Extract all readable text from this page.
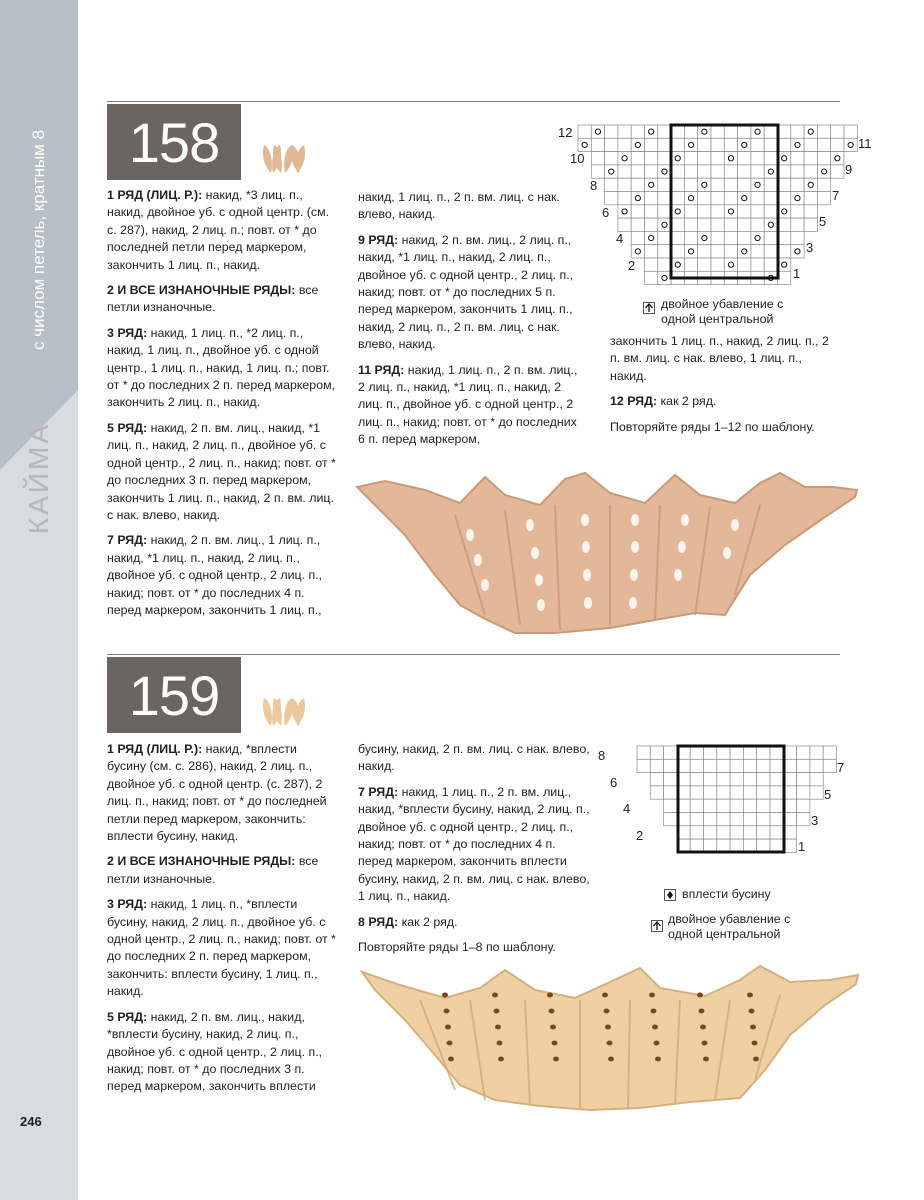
с числом петель, кратным 8
КАЙМА
158

1 РЯД (ЛИЦ. Р.): накид, *3 лиц. п., накид, двойное уб. с одной центр. (см. с. 287), накид, 2 лиц. п.; повт. от * до последней петли перед маркером, закончить 1 лиц. п., накид.

2 И ВСЕ ИЗНАНОЧНЫЕ РЯДЫ: все петли изнаночные.

3 РЯД: накид, 1 лиц. п., *2 лиц. п., накид, 1 лиц. п., двойное уб. с одной центр., 1 лиц. п., накид, 1 лиц. п.; повт. от * до последних 2 п. перед маркером, закончить 2 лиц. п., накид.

5 РЯД: накид, 2 п. вм. лиц., накид, *1 лиц. п., накид, 2 лиц. п., двойное уб. с одной центр., 2 лиц. п., накид; повт. от * до последних 3 п. перед маркером, закончить 1 лиц. п., накид, 2 п. вм. лиц. с нак. влево, накид.

7 РЯД: накид, 2 п. вм. лиц., 1 лиц. п., накид, *1 лиц. п., накид, 2 лиц. п., двойное уб. с одной центр., 2 лиц. п., накид; повт. от * до последних 4 п. перед маркером, закончить 1 лиц. п.,

накид, 1 лиц. п., 2 п. вм. лиц. с нак. влево, накид.

9 РЯД: накид, 2 п. вм. лиц., 2 лиц. п., накид, *1 лиц. п., накид, 2 лиц. п., двойное уб. с одной центр., 2 лиц. п., накид; повт. от * до последних 5 п. перед маркером, закончить 1 лиц. п., накид, 2 лиц. п., 2 п. вм. лиц. с нак. влево, накид.

11 РЯД: накид, 1 лиц. п., 2 п. вм. лиц., 2 лиц. п., накид, *1 лиц. п., накид, 2 лиц. п., двойное уб. с одной центр., 2 лиц. п., накид; повт. от * до последних 6 п. перед маркером,

12
10
8
6
4
2
11
9
7
5
3
1
двойное убавление с одной центральной

закончить 1 лиц. п., накид, 2 лиц. п., 2 п. вм. лиц. с нак. влево, 1 лиц. п., накид.

12 РЯД: как 2 ряд.

Повторяйте ряды 1–12 по шаблону.

159

1 РЯД (ЛИЦ. Р.): накид, *вплести бусину (см. с. 286), накид, 2 лиц. п., двойное уб. с одной центр. (с. 287), 2 лиц. п., накид; повт. от * до последней петли перед маркером, закончить: вплести бусину, накид.

2 И ВСЕ ИЗНАНОЧНЫЕ РЯДЫ: все петли изнаночные.

3 РЯД: накид, 1 лиц. п., *вплести бусину, накид, 2 лиц. п., двойное уб. с одной центр., 2 лиц. п., накид; повт. от * до последних 2 п. перед маркером, закончить: вплести бусину, 1 лиц. п., накид.

5 РЯД: накид, 2 п. вм. лиц., накид, *вплести бусину, накид, 2 лиц. п., двойное уб. с одной центр., 2 лиц. п., накид; повт. от * до последних 3 п. перед маркером, закончить вплести

бусину, накид, 2 п. вм. лиц. с нак. влево, накид.

7 РЯД: накид, 1 лиц. п., 2 п. вм. лиц., накид, *вплести бусину, накид, 2 лиц. п., двойное уб. с одной центр., 2 лиц. п., накид; повт. от * до последних 4 п. перед маркером, закончить вплести бусину, накид, 2 п. вм. лиц. с нак. влево, 1 лиц. п., накид.

8 РЯД: как 2 ряд.

Повторяйте ряды 1–8 по шаблону.

8
6
4
2
7
5
3
1
вплести бусину
двойное убавление с одной центральной
246
